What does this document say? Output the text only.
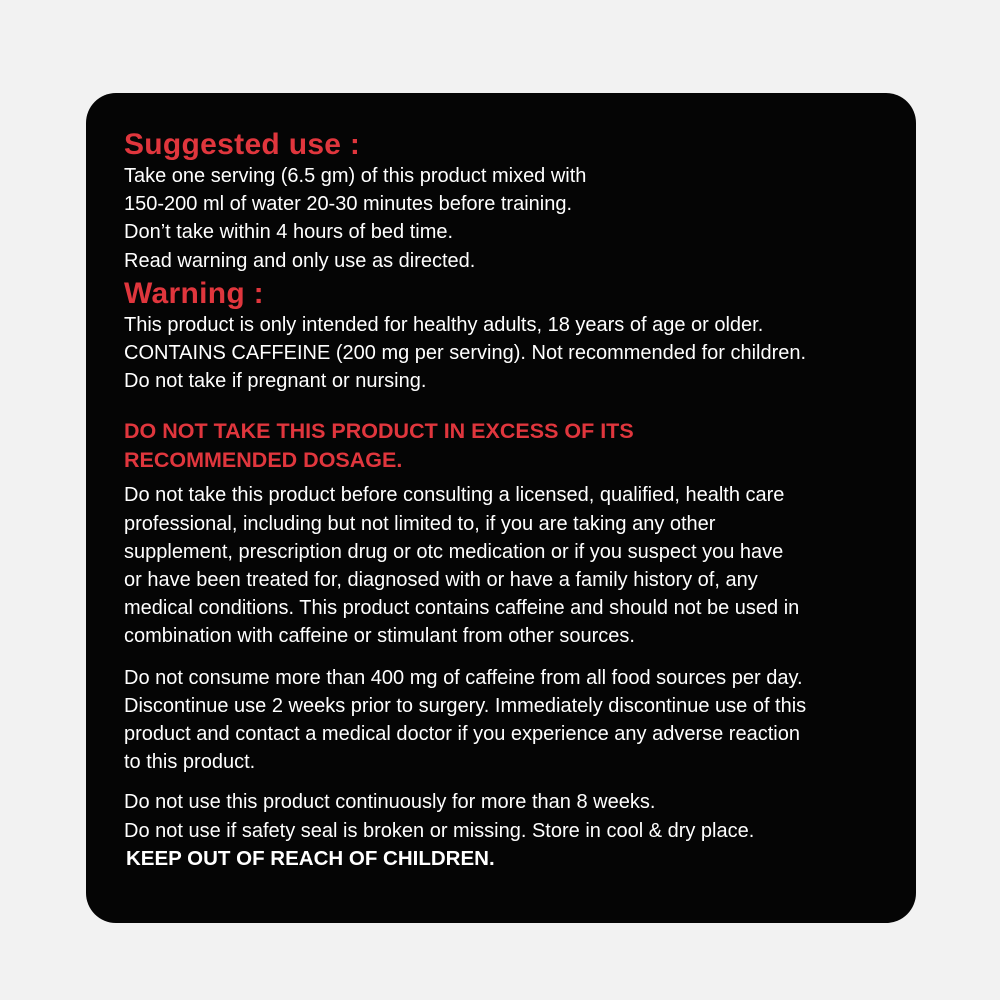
Suggested use :

Take one serving (6.5 gm) of this product mixed with
150-200 ml of water 20-30 minutes before training.
Don’t take within 4 hours of bed time.
Read warning and only use as directed.

Warning :

This product is only intended for healthy adults, 18 years of age or older.
CONTAINS CAFFEINE (200 mg per serving). Not recommended for children.
Do not take if pregnant or nursing.

DO NOT TAKE THIS PRODUCT IN EXCESS OF ITS
RECOMMENDED DOSAGE.

Do not take this product before consulting a licensed, qualified, health care
professional, including but not limited to, if you are taking any other
supplement, prescription drug or otc medication or if you suspect you have
or have been treated for, diagnosed with or have a family history of, any
medical conditions. This product contains caffeine and should not be used in
combination with caffeine or stimulant from other sources.

Do not consume more than 400 mg of caffeine from all food sources per day.
Discontinue use 2 weeks prior to surgery. Immediately discontinue use of this
product and contact a medical doctor if you experience any adverse reaction
to this product.

Do not use this product continuously for more than 8 weeks.
Do not use if safety seal is broken or missing. Store in cool & dry place.

KEEP OUT OF REACH OF CHILDREN.
